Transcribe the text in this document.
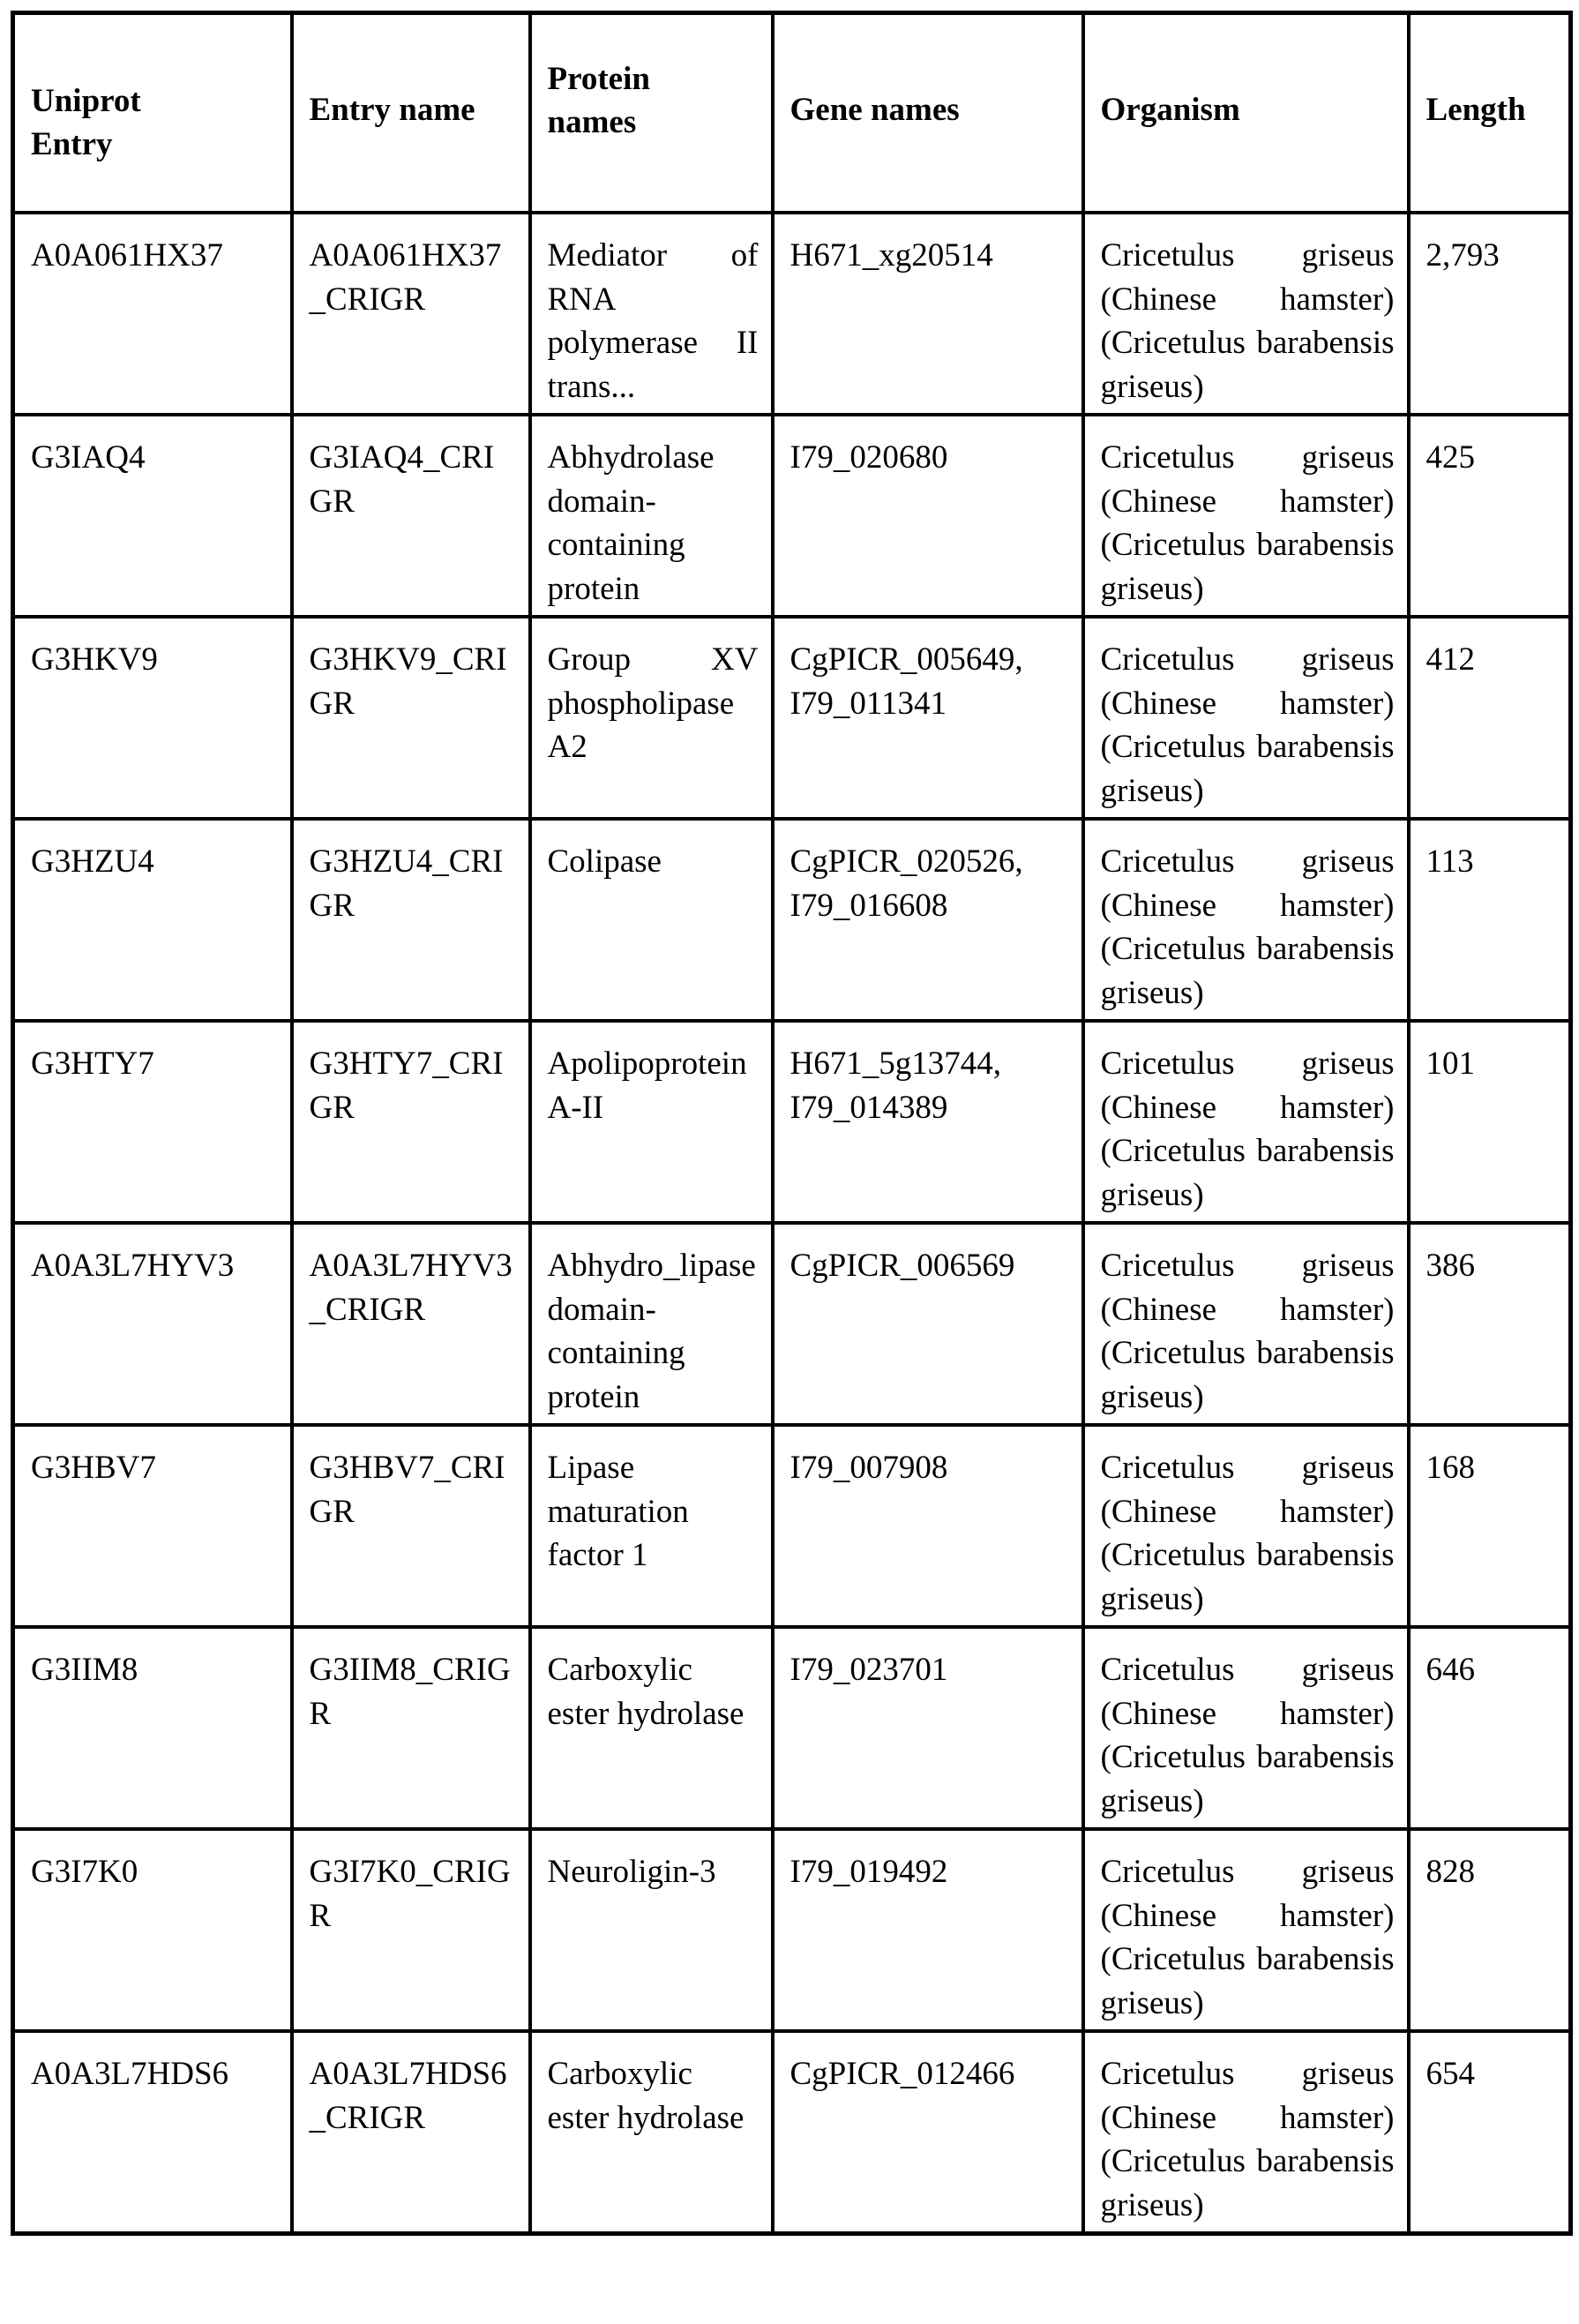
Uniprot Entry	Entry name	Protein names	Gene names	Organism	Length

A0A061HX37	A0A061HX37_CRIGR	Mediator of RNA polymerase II trans...	H671_xg20514	Cricetulus griseus (Chinese hamster) (Cricetulus barabensis griseus)	2,793
G3IAQ4	G3IAQ4_CRIGR	Abhydrolase domain-containing protein	I79_020680	Cricetulus griseus (Chinese hamster) (Cricetulus barabensis griseus)	425
G3HKV9	G3HKV9_CRIGR	Group XV phospholipase A2	CgPICR_005649, I79_011341	Cricetulus griseus (Chinese hamster) (Cricetulus barabensis griseus)	412
G3HZU4	G3HZU4_CRIGR	Colipase	CgPICR_020526, I79_016608	Cricetulus griseus (Chinese hamster) (Cricetulus barabensis griseus)	113
G3HTY7	G3HTY7_CRIGR	Apolipoprotein A-II	H671_5g13744, I79_014389	Cricetulus griseus (Chinese hamster) (Cricetulus barabensis griseus)	101
A0A3L7HYV3	A0A3L7HYV3_CRIGR	Abhydro_lipase domain-containing protein	CgPICR_006569	Cricetulus griseus (Chinese hamster) (Cricetulus barabensis griseus)	386
G3HBV7	G3HBV7_CRIGR	Lipase maturation factor 1	I79_007908	Cricetulus griseus (Chinese hamster) (Cricetulus barabensis griseus)	168
G3IIM8	G3IIM8_CRIGR	Carboxylic ester hydrolase	I79_023701	Cricetulus griseus (Chinese hamster) (Cricetulus barabensis griseus)	646
G3I7K0	G3I7K0_CRIGR	Neuroligin-3	I79_019492	Cricetulus griseus (Chinese hamster) (Cricetulus barabensis griseus)	828
A0A3L7HDS6	A0A3L7HDS6_CRIGR	Carboxylic ester hydrolase	CgPICR_012466	Cricetulus griseus (Chinese hamster) (Cricetulus barabensis griseus)	654
